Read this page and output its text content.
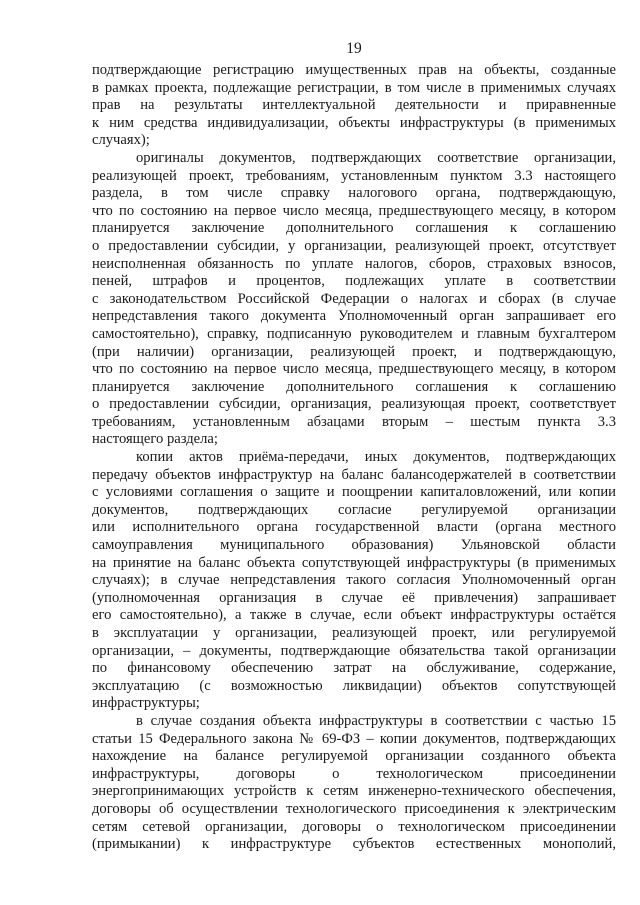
19
подтверждающие регистрацию имущественных прав на объекты, созданные
в рамках проекта, подлежащие регистрации, в том числе в применимых случаях
прав на результаты интеллектуальной деятельности и приравненные
к ним средства индивидуализации, объекты инфраструктуры (в применимых
случаях);
оригиналы документов, подтверждающих соответствие организации,
реализующей проект, требованиям, установленным пунктом 3.3 настоящего
раздела, в том числе справку налогового органа, подтверждающую,
что по состоянию на первое число месяца, предшествующего месяцу, в котором
планируется заключение дополнительного соглашения к соглашению
о предоставлении субсидии, у организации, реализующей проект, отсутствует
неисполненная обязанность по уплате налогов, сборов, страховых взносов,
пеней, штрафов и процентов, подлежащих уплате в соответствии
с законодательством Российской Федерации о налогах и сборах (в случае
непредставления такого документа Уполномоченный орган запрашивает его
самостоятельно), справку, подписанную руководителем и главным бухгалтером
(при наличии) организации, реализующей проект, и подтверждающую,
что по состоянию на первое число месяца, предшествующего месяцу, в котором
планируется заключение дополнительного соглашения к соглашению
о предоставлении субсидии, организация, реализующая проект, соответствует
требованиям, установленным абзацами вторым – шестым пункта 3.3
настоящего раздела;
копии актов приёма-передачи, иных документов, подтверждающих
передачу объектов инфраструктур на баланс балансодержателей в соответствии
с условиями соглашения о защите и поощрении капиталовложений, или копии
документов, подтверждающих согласие регулируемой организации
или исполнительного органа государственной власти (органа местного
самоуправления муниципального образования) Ульяновской области
на принятие на баланс объекта сопутствующей инфраструктуры (в применимых
случаях); в случае непредставления такого согласия Уполномоченный орган
(уполномоченная организация в случае её привлечения) запрашивает
его самостоятельно), а также в случае, если объект инфраструктуры остаётся
в эксплуатации у организации, реализующей проект, или регулируемой
организации, – документы, подтверждающие обязательства такой организации
по финансовому обеспечению затрат на обслуживание, содержание,
эксплуатацию (с возможностью ликвидации) объектов сопутствующей
инфраструктуры;
в случае создания объекта инфраструктуры в соответствии с частью 15
статьи 15 Федерального закона № 69-ФЗ – копии документов, подтверждающих
нахождение на балансе регулируемой организации созданного объекта
инфраструктуры, договоры о технологическом присоединении
энергопринимающих устройств к сетям инженерно-технического обеспечения,
договоры об осуществлении технологического присоединения к электрическим
сетям сетевой организации, договоры о технологическом присоединении
(примыкании) к инфраструктуре субъектов естественных монополий,
